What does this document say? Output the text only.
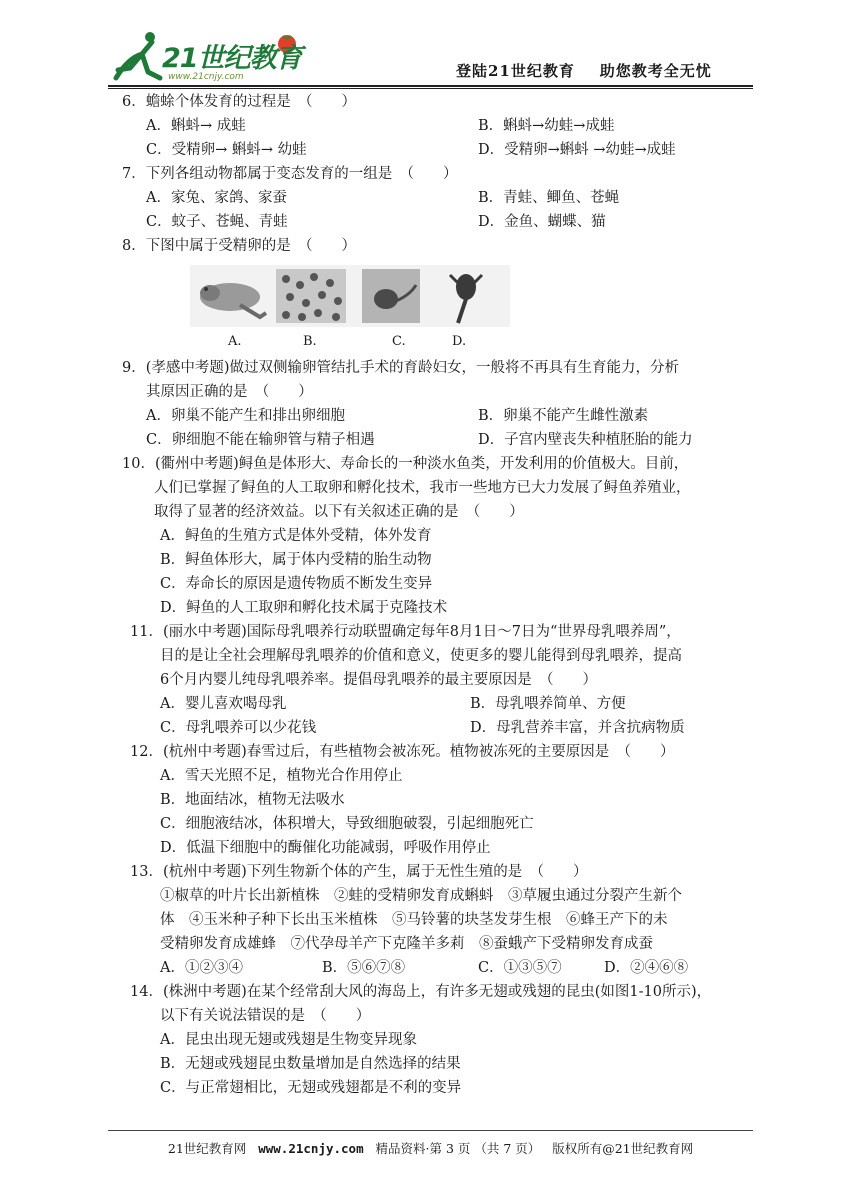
21世纪教育
www.21cnjy.com	登陆21世纪教育    助您教考全无忧
6．蟾蜍个体发育的过程是　（　　）
A．蝌蚪→ 成蛙	B．蝌蚪→幼蛙→成蛙
C．受精卵→ 蝌蚪→ 幼蛙	D．受精卵→蝌蚪 →幼蛙→成蛙
7．下列各组动物都属于变态发育的一组是　（　　）
A．家兔、家鸽、家蚕	B．青蛙、鲫鱼、苍蝇
C．蚊子、苍蝇、青蛙	D．金鱼、蝴蝶、猫
8．下图中属于受精卵的是　（　　）
A.	B.	C.	D.
9．(孝感中考题)做过双侧输卵管结扎手术的育龄妇女，一般将不再具有生育能力，分析
其原因正确的是　（　　）
A．卵巢不能产生和排出卵细胞	B．卵巢不能产生雌性激素
C．卵细胞不能在输卵管与精子相遇	D．子宫内壁丧失种植胚胎的能力
10．(衢州中考题)鲟鱼是体形大、寿命长的一种淡水鱼类，开发利用的价值极大。目前，
人们已掌握了鲟鱼的人工取卵和孵化技术，我市一些地方已大力发展了鲟鱼养殖业，
取得了显著的经济效益。以下有关叙述正确的是　（　　）
A．鲟鱼的生殖方式是体外受精，体外发育
B．鲟鱼体形大，属于体内受精的胎生动物
C．寿命长的原因是遗传物质不断发生变异
D．鲟鱼的人工取卵和孵化技术属于克隆技术
11．(丽水中考题)国际母乳喂养行动联盟确定每年8月1日～7日为“世界母乳喂养周”，
目的是让全社会理解母乳喂养的价值和意义，使更多的婴儿能得到母乳喂养，提高
6个月内婴儿纯母乳喂养率。提倡母乳喂养的最主要原因是　（　　）
A．婴儿喜欢喝母乳	B．母乳喂养简单、方便
C．母乳喂养可以少花钱	D．母乳营养丰富，并含抗病物质
12．(杭州中考题)春雪过后，有些植物会被冻死。植物被冻死的主要原因是　（　　）
A．雪天光照不足，植物光合作用停止
B．地面结冰，植物无法吸水
C．细胞液结冰，体积增大，导致细胞破裂，引起细胞死亡
D．低温下细胞中的酶催化功能减弱，呼吸作用停止
13．(杭州中考题)下列生物新个体的产生，属于无性生殖的是　（　　）
①椒草的叶片长出新植株　②蛙的受精卵发育成蝌蚪　③草履虫通过分裂产生新个
体　④玉米种子种下长出玉米植株　⑤马铃薯的块茎发芽生根　⑥蜂王产下的未
受精卵发育成雄蜂　⑦代孕母羊产下克隆羊多莉　⑧蚕蛾产下受精卵发育成蚕
A．①②③④	B．⑤⑥⑦⑧	C．①③⑤⑦	D．②④⑥⑧
14．(株洲中考题)在某个经常刮大风的海岛上，有许多无翅或残翅的昆虫(如图1-10所示)，
以下有关说法错误的是　（　　）
A．昆虫出现无翅或残翅是生物变异现象
B．无翅或残翅昆虫数量增加是自然选择的结果
C．与正常翅相比，无翅或残翅都是不利的变异
21世纪教育网 www.21cnjy.com 精品资料·第 3 页 （共 7 页） 版权所有@21世纪教育网
